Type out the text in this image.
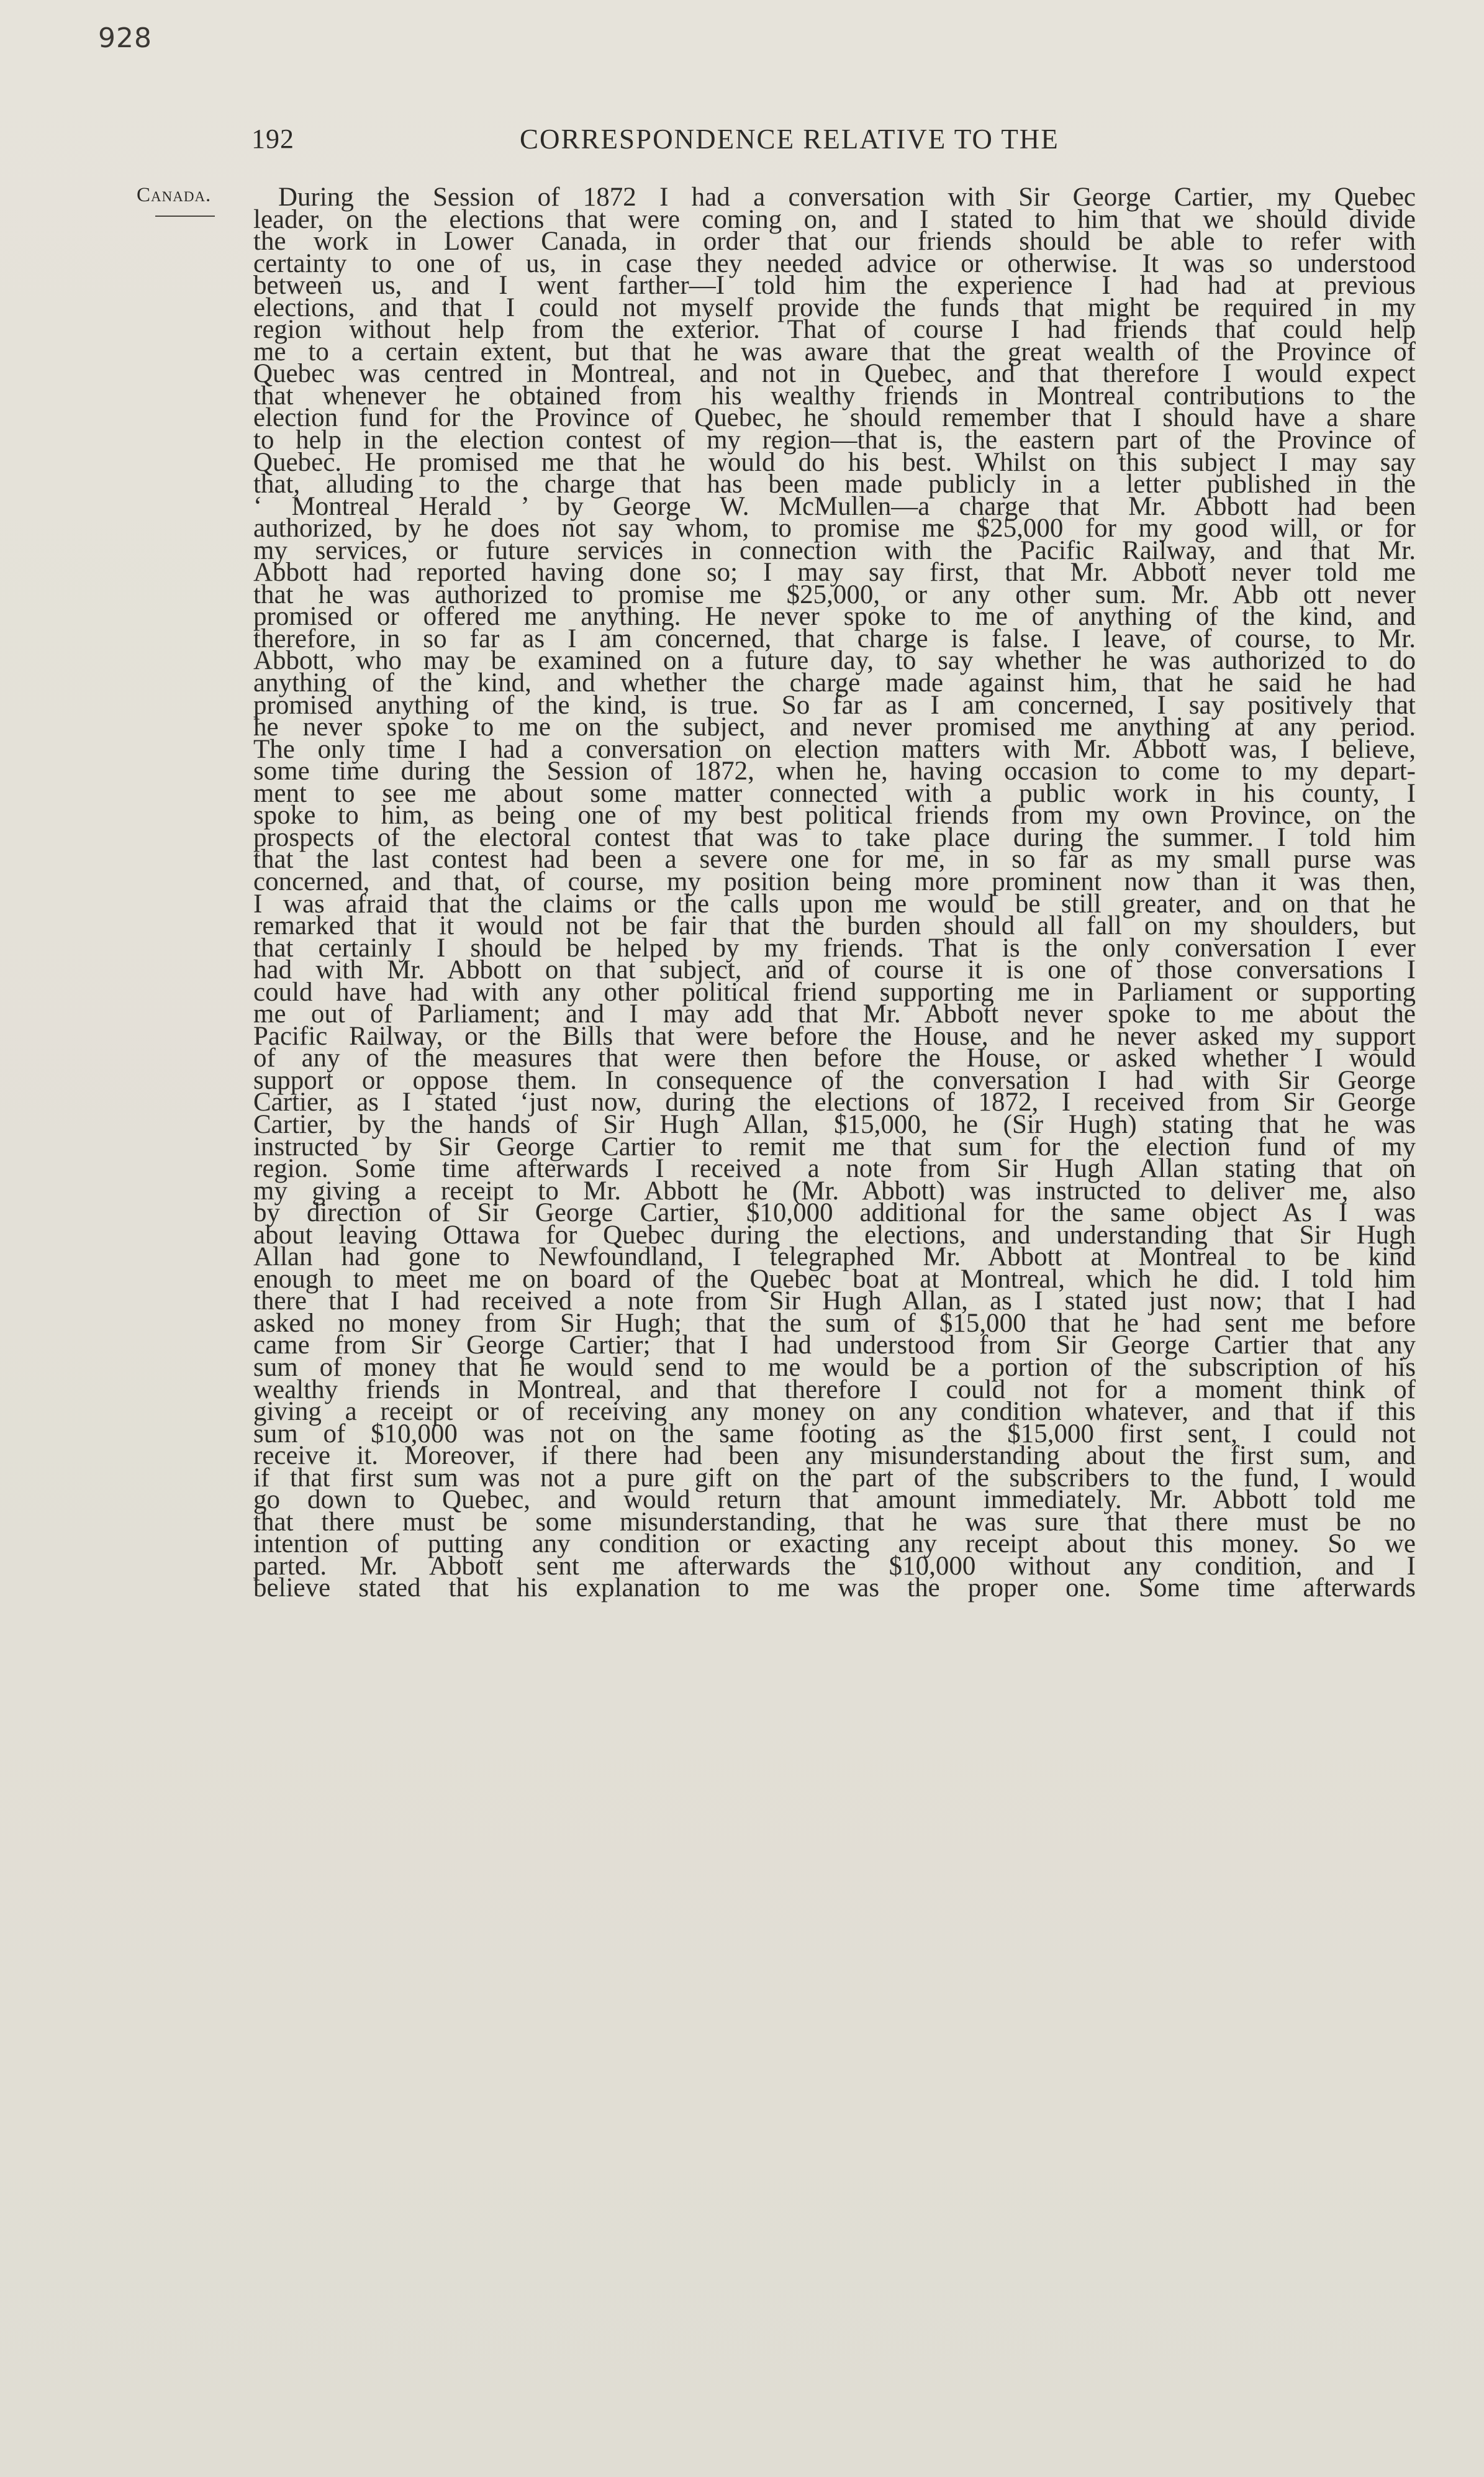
928
192	CORRESPONDENCE RELATIVE TO THE
Canada.	During the Session of 1872 I had a conversation with Sir George Cartier, my Quebec
leader, on the elections that were coming on, and I stated to him that we should divide
the work in Lower Canada, in order that our friends should be able to refer with
certainty to one of us, in case they needed advice or otherwise. It was so understood
between us, and I went farther—I told him the experience I had had at previous
elections, and that I could not myself provide the funds that might be required in my
region without help from the exterior. That of course I had friends that could help
me to a certain extent, but that he was aware that the great wealth of the Province of
Quebec was centred in Montreal, and not in Quebec, and that therefore I would expect
that whenever he obtained from his wealthy friends in Montreal contributions to the
election fund for the Province of Quebec, he should remember that I should have a share
to help in the election contest of my region—that is, the eastern part of the Province of
Quebec. He promised me that he would do his best. Whilst on this subject I may say
that, alluding to the charge that has been made publicly in a letter published in the
‘ Montreal Herald ’ by George W. McMullen—a charge that Mr. Abbott had been
authorized, by he does not say whom, to promise me $25,000 for my good will, or for
my services, or future services in connection with the Pacific Railway, and that Mr.
Abbott had reported having done so; I may say first, that Mr. Abbott never told me
that he was authorized to promise me $25,000, or any other sum. Mr. Abb ott never
promised or offered me anything. He never spoke to me of anything of the kind, and
therefore, in so far as I am concerned, that charge is false. I leave, of course, to Mr.
Abbott, who may be examined on a future day, to say whether he was authorized to do
anything of the kind, and whether the charge made against him, that he said he had
promised anything of the kind, is true. So far as I am concerned, I say positively that
he never spoke to me on the subject, and never promised me anything at any period.
The only time I had a conversation on election matters with Mr. Abbott was, I believe,
some time during the Session of 1872, when he, having occasion to come to my depart-
ment to see me about some matter connected with a public work in his county, I
spoke to him, as being one of my best political friends from my own Province, on the
prospects of the electoral contest that was to take place during the summer. I told him
that the last contest had been a severe one for me, in so far as my small purse was
concerned, and that, of course, my position being more prominent now than it was then,
I was afraid that the claims or the calls upon me would be still greater, and on that he
remarked that it would not be fair that the burden should all fall on my shoulders, but
that certainly I should be helped by my friends. That is the only conversation I ever
had with Mr. Abbott on that subject, and of course it is one of those conversations I
could have had with any other political friend supporting me in Parliament or supporting
me out of Parliament; and I may add that Mr. Abbott never spoke to me about the
Pacific Railway, or the Bills that were before the House, and he never asked my support
of any of the measures that were then before the House, or asked whether I would
support or oppose them. In consequence of the conversation I had with Sir George
Cartier, as I stated ‘just now, during the elections of 1872, I received from Sir George
Cartier, by the hands of Sir Hugh Allan, $15,000, he (Sir Hugh) stating that he was
instructed by Sir George Cartier to remit me that sum for the election fund of my
region. Some time afterwards I received a note from Sir Hugh Allan stating that on
my giving a receipt to Mr. Abbott he (Mr. Abbott) was instructed to deliver me, also
by direction of Sir George Cartier, $10,000 additional for the same object As I was
about leaving Ottawa for Quebec during the elections, and understanding that Sir Hugh
Allan had gone to Newfoundland, I telegraphed Mr. Abbott at Montreal to be kind
enough to meet me on board of the Quebec boat at Montreal, which he did. I told him
there that I had received a note from Sir Hugh Allan, as I stated just now; that I had
asked no money from Sir Hugh; that the sum of $15,000 that he had sent me before
came from Sir George Cartier; that I had understood from Sir George Cartier that any
sum of money that he would send to me would be a portion of the subscription of his
wealthy friends in Montreal, and that therefore I could not for a moment think of
giving a receipt or of receiving any money on any condition whatever, and that if this
sum of $10,000 was not on the same footing as the $15,000 first sent, I could not
receive it. Moreover, if there had been any misunderstanding about the first sum, and
if that first sum was not a pure gift on the part of the subscribers to the fund, I would
go down to Quebec, and would return that amount immediately. Mr. Abbott told me
that there must be some misunderstanding, that he was sure that there must be no
intention of putting any condition or exacting any receipt about this money. So we
parted. Mr. Abbott sent me afterwards the $10,000 without any condition, and I
believe stated that his explanation to me was the proper one. Some time afterwards
